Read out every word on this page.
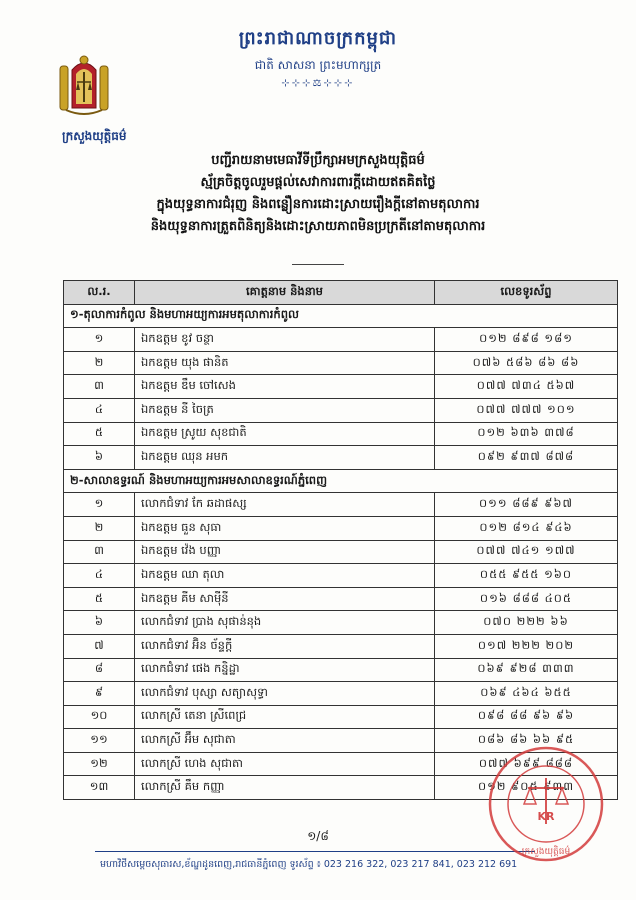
ព្រះរាជាណាចក្រកម្ពុជា
ជាតិ សាសនា ព្រះមហាក្សត្រ
⊹⊹⊹⚖⊹⊹⊹
ក្រសួងយុត្តិធម៌
បញ្ជីរាយនាមមេធាវីទីប្រឹក្សាអមក្រសួងយុត្តិធម៌
ស្ម័គ្រចិត្តចូលរួមផ្ដល់សេវាការពារក្ដីដោយឥតគិតថ្លៃ
ក្នុងយុទ្ធនាការជំរុញ និងពន្លឿនការដោះស្រាយរឿងក្ដីនៅតាមតុលាការ
និងយុទ្ធនាការត្រួតពិនិត្យនិងដោះស្រាយភាពមិនប្រក្រតីនៅតាមតុលាការ
ល.រ.	គោត្តនាម និងនាម	លេខទូរស័ព្ទ
១-តុលាការកំពូល និងមហាអយ្យការអមតុលាការកំពូល		
១	ឯកឧត្តម ខូវ ចន្ថា	០១២ ៨៩៨ ១៨១
២	ឯកឧត្តម យុង ផានិត	០៧៦ ៥៨៦ ៨៦ ៨៦
៣	ឯកឧត្តម ឌឹម ចៅសេង	០៧៧ ៧៣៤ ៥៦៧
៤	ឯកឧត្តម នី ចៃត្រ	០៧៧ ៧៧៧ ១០១
៥	ឯកឧត្តម ស្រូយ សុខជាតិ	០១២ ៦៣៦ ៣៧៨
៦	ឯកឧត្តម ឈុន អមក	០៩២ ៩៣៧ ៨៧៨
២-សាលាឧទ្ធរណ៍ និងមហាអយ្យការអមសាលាឧទ្ធរណ៍ភ្នំពេញ		
១	លោកជំទាវ កែ ឆដាផស្ស	០១១ ៨៨៩ ៩៦៧
២	ឯកឧត្តម ធួន សុធា	០១២ ៨១៤ ៩៤៦
៣	ឯកឧត្តម វ៉េង បញ្ញា	០៧៧ ៧៤១ ១៧៧
៤	ឯកឧត្តម ឈា តុលា	០៥៥ ៩៥៥ ១៦០
៥	ឯកឧត្តម គីម សាមុីនី	០១៦ ៨៨៨ ៤០៥
៦	លោកជំទាវ ប្រាង សុផាន់នុង	០៧០ ២២២ ៦៦
៧	លោកជំទាវ អ៊ិន ច័ន្ទក្ដី	០១៧ ២២២ ២០២
៨	លោកជំទាវ ផេង កន្និដ្ឋា	០៦៩ ៩២៨ ៣៣៣
៩	លោកជំទាវ បុស្សា សត្យាសុទ្ធា	០៦៩ ៤៦៤ ៦៥៥
១០	លោកស្រី តេនា ស្រីពេជ្រ	០៩៨ ៨៨ ៩៦ ៩៦
១១	លោកស្រី អ៊ឹម សុជាតា	០៨៦ ៨៦ ៦៦ ៩៥
១២	លោកស្រី ហេង សុជាតា	០៧៧ ៦៩៩ ៨៨៨
១៣	លោកស្រី គឹម កញ្ញា	០១២ ៩០៥ ៩៣៣
១/៨
មហាវិថីសម្ដេចសុធារស,ខ័ណ្ឌដូនពេញ,រាជធានីភ្នំពេញ ទូរស័ព្ទ ៖ 023 216 322, 023 217 841, 023 212 691
KR
ក្រសួងយុត្តិធម៌
